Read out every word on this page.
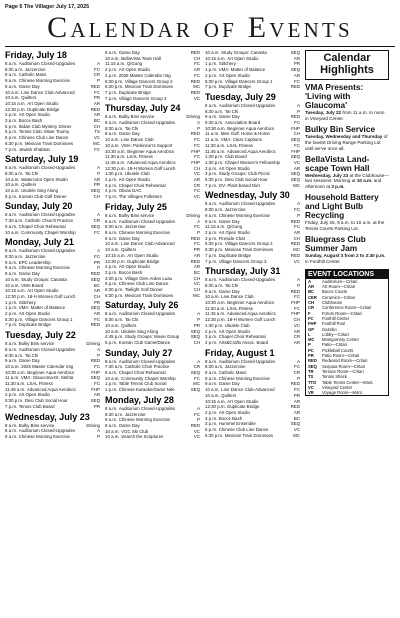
Page 6 The Villager July 17, 2025
Calendar of Events
Friday, July 18
8 a.m. Auditorium Closed-Upgrades	A
8:30 a.m. Jazzercise	FC
9 a.m. Catholic Mass	CR
9 a.m. Chinese Morning Exercise	P
9 a.m. Game Day	RED
10 a.m. Line Dance Club-Advanced	FC
10 a.m. Quilters	PR
10:15 a.m. Art Open Studio	AR
12:30 p.m. Duplicate Bridge	RED
2 p.m. Art Open Studio	AR
3 p.m. Bocce Bash	BC
5 p.m. Italian Club Mystery Dinner	CH
5 p.m. Tennis Club: Mixer Tourny	TS
6 p.m. Chinese Club Line Dance	VC
6:30 p.m. Mexican Train Dominoes	MC
7 p.m. Jewish Shabbat	FC
Saturday, July 19
8 a.m. Auditorium Closed-Upgrades	A
8:30 a.m. Tai Chi	P
10 a.m. Watercolor Open Studio	AR
10 a.m. Quilters	PR
10 a.m. Ukulele Sing Along	SEQ
5 p.m. Korean Club Golf Dinner	CH
Sunday, July 20
8 a.m. Auditorium Closed-Upgrades	A
7:30 a.m. Catholic Church Practice	CR
9 a.m. Chapel Choir Rehearsal	SEQ
10 a.m. Community Chapel Worship	FC
Monday, July 21
8 a.m. Auditorium Closed-Upgrades	A
8:30 a.m. Jazzercise	FC
9 a.m. EPC Leadership	PR
9 a.m. Chinese Morning Exercise	P
9 a.m. Game Day	RED
10 a.m. Study Groups: Canasta	SEQ
10 a.m. VMA Board	BC
10:15 a.m. Art Open Studio	AR
12:30 p.m. 18-H Women Golf Lunch	CH
1 p.m. Stitchery	PR
1 p.m. VMA: Matter of Balance	SEQ
2 p.m. Art Open Studio	AR
5:30 p.m. Village Dancers Group 1	FC
7 p.m. Duplicate Bridge	RED
Tuesday, July 22
8 a.m. Bulky Bins service	Driving
8 a.m. Auditorium Closed-Upgrades	A
8:30 a.m. Tai Chi	P
9 a.m. Game Day	RED
10 a.m. 2026 Master Calendar mtg	FC
10:30 a.m. Beginner Aqua Aerobics	FHP
11 a.m. VMA: Glaucoma-Dr. Mehta	SEQ
11:30 a.m. LSAL Fitness	FC
11:45 a.m. Advanced Aqua Aerobics	FHP
2 p.m. Art Open Studio	AR
5:30 p.m. Desi Club Social Hour	SEQ
7 p.m. Tennis Club Board	PR
Wednesday, July 23
8 a.m. Bulky Bins service	Driving
8 a.m. Auditorium Closed-Upgrades	A
9 a.m. Chinese Morning Exercise	P
9 a.m. Game Day	RED
10 a.m. BellaVista Town Hall	CH
11:15 a.m. QiGong	FC
2 p.m. Art Open Studio	AR
2 p.m. 2026 Master Calendar mtg	FC
5:30 p.m. Village Dancers Group 2	RED
6:30 p.m. Mexican Train Dominoes	MC
7 p.m. Duplicate Bridge	RED
7 p.m. Village Dancers Group 3	VC
Thursday, July 24
8 a.m. Bulky Bins service	Driving
8 a.m. Auditorium Closed-Upgrades	A
8:30 a.m. Tai Chi	P
9 a.m. Game Day	RED
10 a.m. Line Dance Club	FC
10 a.m. VMA: Parkinson's Support	FC
10:30 a.m. Beginner Aqua Aerobics	FHP
11:30 a.m. LSAL Fitness	FC
11:45 a.m. Advanced Aqua Aerobics	FHP
12:30 p.m. 18-H Women Golf Lunch	CH
1:30 p.m. Ukulele Club	VC
2 p.m. Art Open Studio	AR
3 p.m. Chapel Choir Rehearsal	CR
4 p.m. Olivas DAC	FC
7 p.m. The Villages Folksters	VC
Friday, July 25
8 a.m. Bulky Bins service	Driving
8 a.m. Auditorium Closed-Upgrades	A
8:30 a.m. Jazzercise	FC
9 a.m. Chinese Morning Exercise	P
9 a.m. Game Day	RED
10 a.m. Line Dance Club-Advanced	FC
10 a.m. Quilters	PR
10:15 a.m. Art Open Studio	AR
12:30 p.m. Duplicate Bridge	RED
2 p.m. Art Open Studio	AR
3 p.m. Bocce Bash	BC
3:30 p.m. Village Glen Arden Luau	CH
6 p.m. Chinese Club Line Dance	VC
6:30 p.m. Twilight Golf Dinner	CH
6:30 p.m. Mexican Train Dominoes	MC
Saturday, July 26
8 a.m. Auditorium Closed-Upgrades	A
8:30 a.m. Tai Chi	P
10 a.m. Quilters	PR
10 a.m. Ukulele Sing Along	SEQ
4:45 p.m. Study Groups: Movie Group	SEQ
5 p.m. Korean Club Game/Dance	CH
Sunday, July 27
8 a.m. Auditorium Closed-Upgrades	A
7:30 a.m. Catholic Choir Practice	CR
9 a.m. Chapel Choir Rehearsal	SEQ
10 a.m. Community Chapel Worship	FC
1 p.m. Table Tennis Club Social	MC
1 p.m. Chinese Karaoke/Game Nite	SEQ
Monday, July 28
8 a.m. Auditorium Closed-Upgrades	A
8:30 a.m. Jazzercise	FC
9 a.m. Chinese Morning Exercise	P
9 a.m. Game Day	RED
10 a.m. VGC Ski Club	VC
10 a.m. Search the Scriptures	VC
10 a.m. Study Groups: Canasta	SEQ
10:15 a.m. Art Open Studio	AR
1 p.m. Stitchery	PR
1 p.m. VMA: Matter of Balance	SEQ
2 p.m. Art Open Studio	AR
5:30 p.m. Village Dancers Group 1	FC
7 p.m. Duplicate Bridge	RED
Tuesday, July 29
8 a.m. Auditorium Closed-Upgrades	A
8:30 a.m. Tai Chi	P
9 a.m. Game Day	RED
9:30 a.m. Association Board	FC
10:30 a.m. Beginner Aqua Aerobics	FHP
11 a.m. Men Golf: Home & Home	CH
11 a.m. VMA: Clear Captions	SEQ
11:30 a.m. LSAL Fitness	FC
11:45 a.m. Advanced Aqua Aerobics	FHP
1:30 p.m. Club Board	SEQ
1:30 p.m. Chapel Women's Fellowship	VC
2 p.m. Art Open Studio	AR
3 p.m. Study Groups: Club Picnic	SEQ
5:30 p.m. Desi Club Social Hour	SEQ
7 p.m. GV: Plant-based Diet	MC
Wednesday, July 30
8 a.m. Auditorium Closed-Upgrades	A
8:30 a.m. Jazzercise	FC
9 a.m. Chinese Morning Exercise	P
9 a.m. Game Day	RED
11:15 a.m. QiGong	FC
2 p.m. Art Open Studio	AR
3 p.m. Fireside Chat	CH
5:30 p.m. Village Dancers Group 2	RED
6:30 p.m. Mexican Train Dominoes	MC
7 p.m. Duplicate Bridge	RED
7 p.m. Village Dancers Group 3	VC
Thursday, July 31
8 a.m. Auditorium Closed-Upgrades	A
8:30 a.m. Tai Chi	P
9 a.m. Game Day	RED
10 a.m. Line Dance Club	FC
10:30 a.m. Beginner Aqua Aerobics	FHP
11:30 a.m. LSAL Fitness	FC
11:45 a.m. Advanced Aqua Aerobics	FHP
12:30 p.m. 18-H Women Golf Lunch	CH
1:30 p.m. Ukulele Club	VC
2 p.m. Art Open Studio	AR
3 p.m. Chapel Choir Rehearsal	CR
4 p.m. Arts&Crafts Assoc. Board	AR
Friday, August 1
8 a.m. Auditorium Closed-Upgrades	A
8:30 a.m. Jazzercise	FC
9 a.m. Catholic Mass	CR
9 a.m. Chinese Morning Exercise	P
9 a.m. Game Day	RED
10 a.m. Line Dance Club-Advanced	FC
10 a.m. Quilters	PR
10:15 a.m. Art Open Studio	AR
12:30 p.m. Duplicate Bridge	RED
2 p.m. Art Open Studio	AR
3 p.m. Bocce Bash	BC
3 p.m. Hummel Ensemble	SEQ
6 p.m. Chinese Club Line Dance	VC
6:30 p.m. Mexican Train Dominoes	MC
Calendar Highlights
VMA Presents: 'Living with Glaucoma'
Tuesday, July 22 from 11 a.m. to noon in Vineyard Center.
Bulky Bin Service
Tuesday, Wednesday and Thursday of the lowest Driving Range Parking Lot until we've once all.
BellaVista Land-scape Town Hall
Wednesday, July 23 at the Clubhouse—two sessions: Morning at 10 a.m. and Afternoon at 3 p.m.
Household Battery and Light Bulb Recycling
Friday, July 25, 9 a.m. to 10 a.m. at the Tennis Courts Parking Lot.
Bluegrass Club Summer Jam
Sunday, August 3 from 2 to 3:30 p.m. in Foothill Center.
EVENT LOCATIONS
A	Auditorium—Critari
AR	Art Room—Critari
BC	Bocce Courts
CER	Ceramics—Critari
CH	Clubhouse
CR	Conference Room—Critari
F	Forum Room—Critari
FC	Foothill Center
FHP	Foothill Pool
GP	Gazebo
L	Lobby—Critari
MC	Montgomery Center
P	Patio—Critari
PC	Pickleball Courts
PR	Patio Room—Critari
RED	Redwood Room—Critari
SEQ	Sequoia Room—Critari
TR	Terrace Room—Critari
TS	Tennis Shack
TTO	Table Tennis Center—Mont.
VC	Vineyard Center
VR	Voyage Room—Mont.
